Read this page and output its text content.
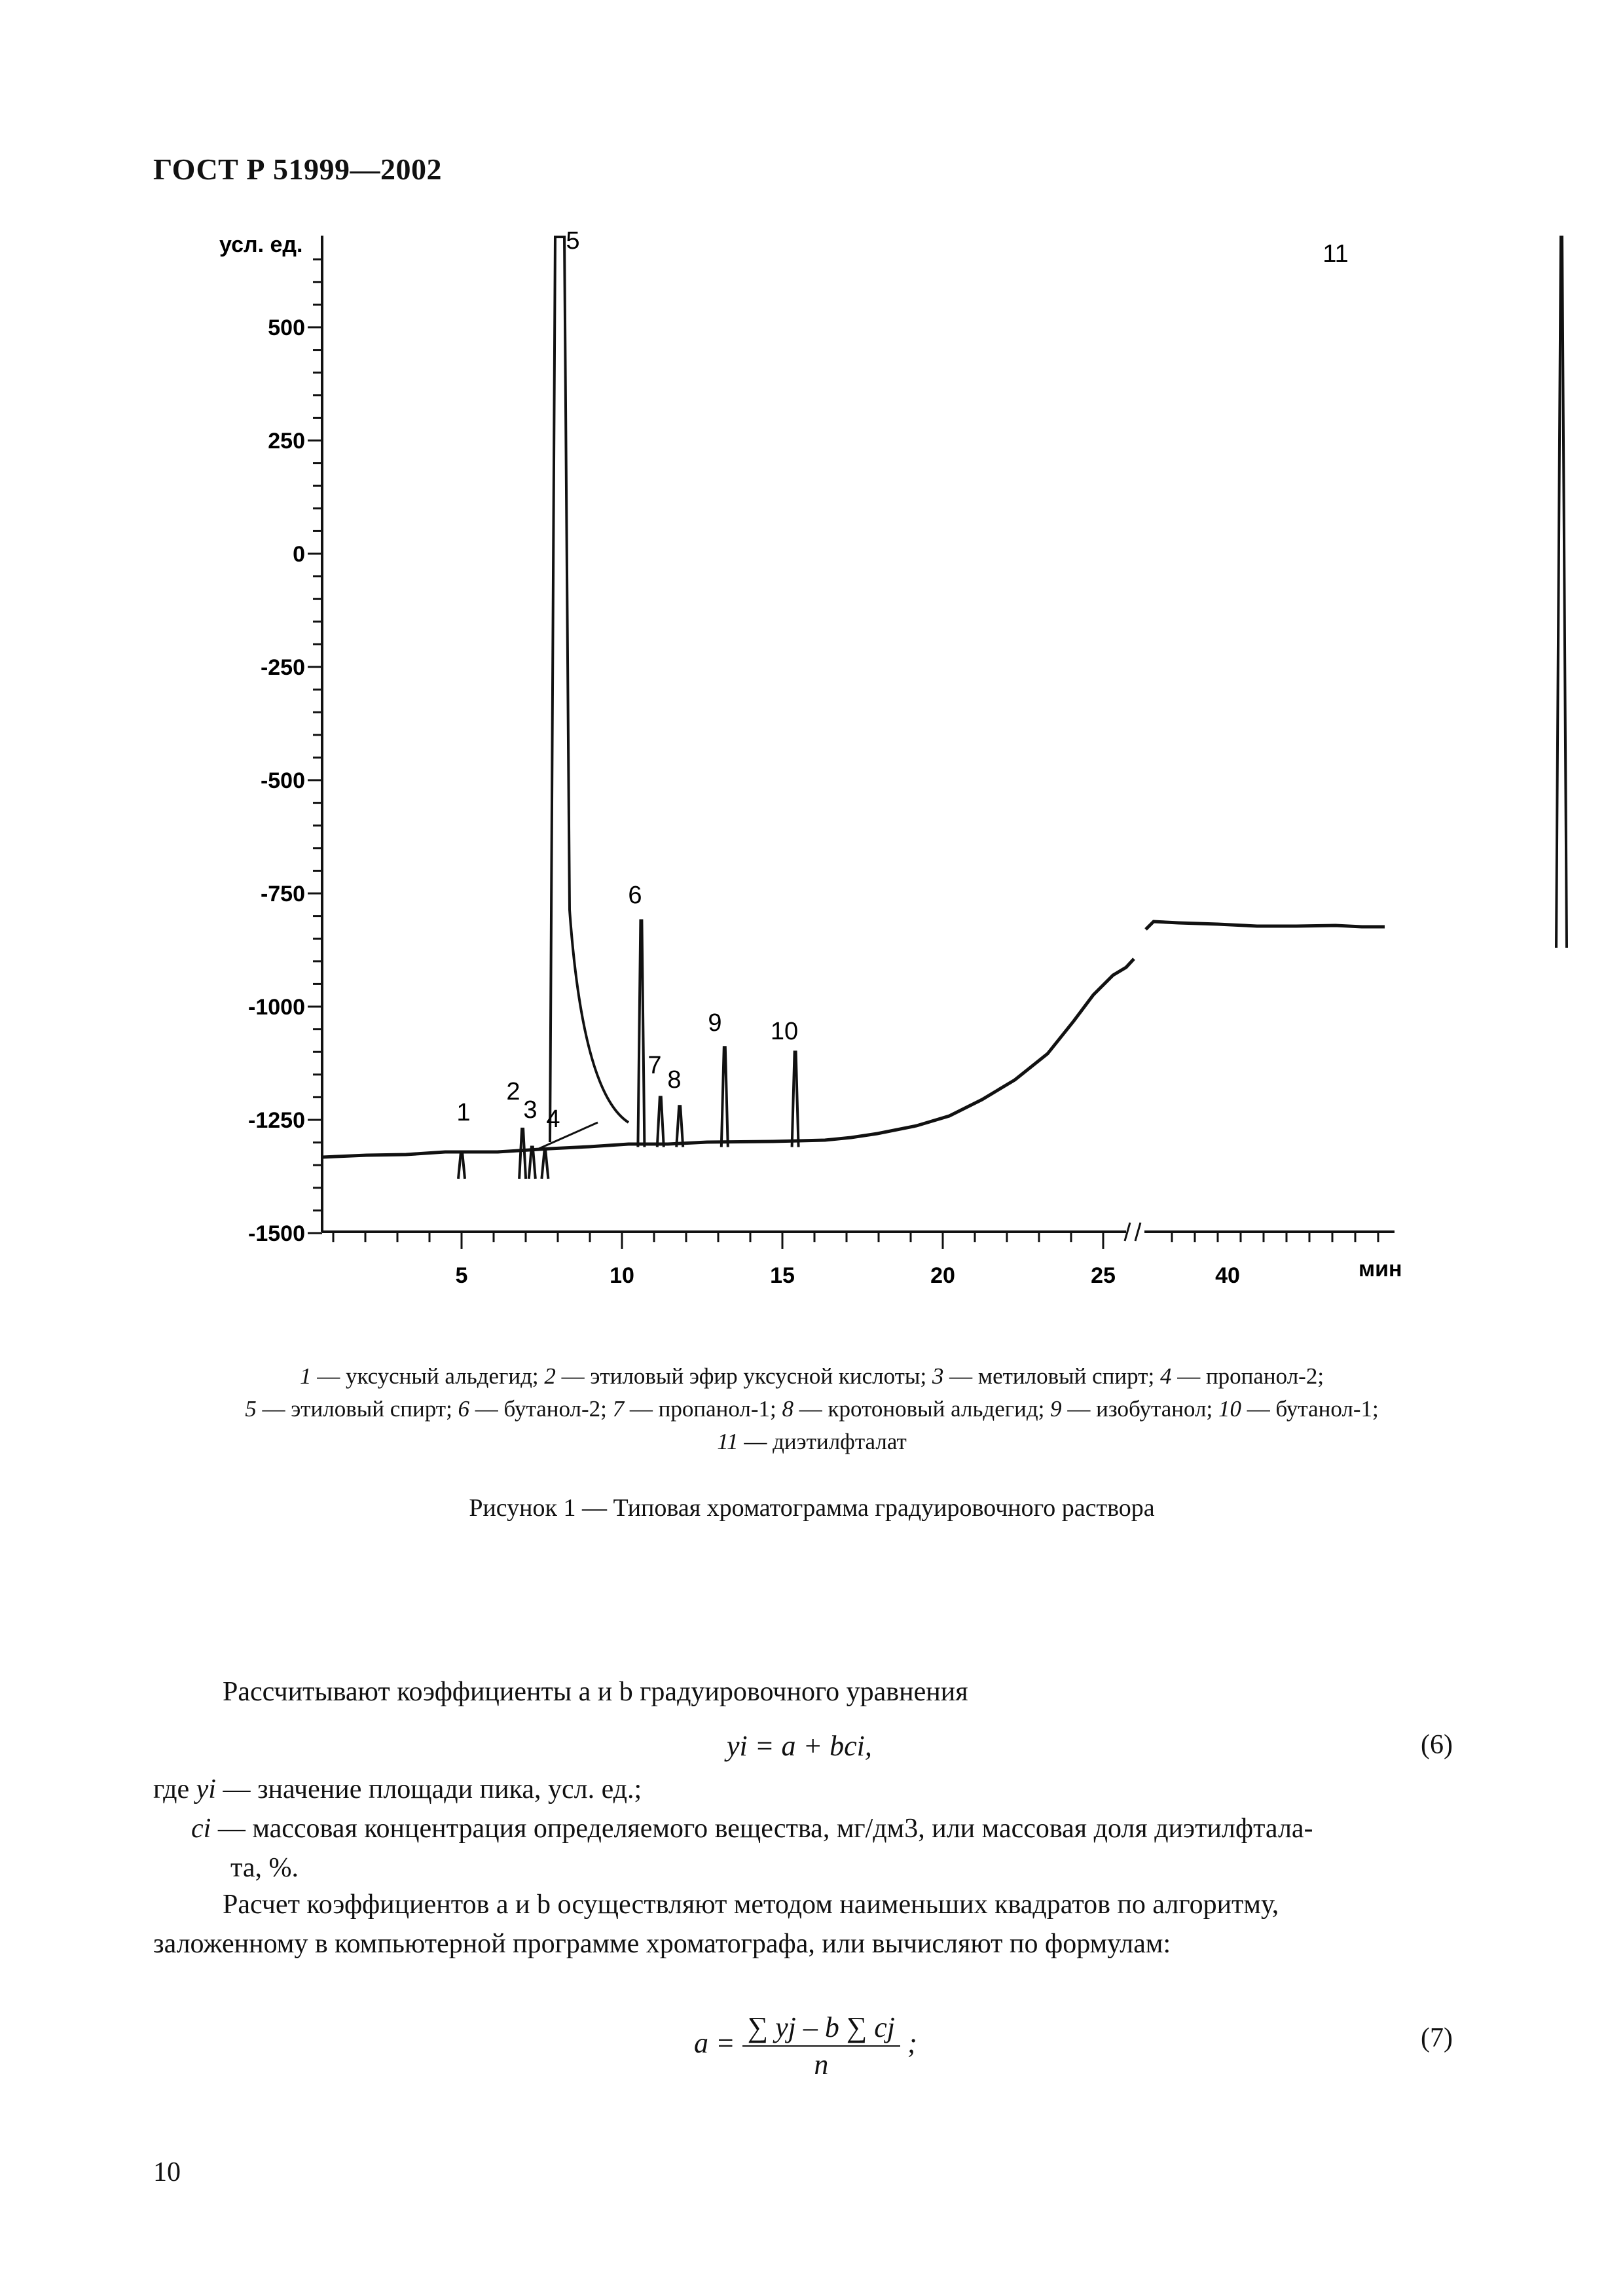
ГОСТ Р 51999—2002
усл. ед.
мин
500
250
0
-250
-500
-750
-1000
-1250
-1500
5	10	15	20	25	40
1
2
3 4
5
6
7
8
9 10
11
1 — уксусный альдегид; 2 — этиловый эфир уксусной кислоты; 3 — метиловый спирт; 4 — пропанол-2;
5 — этиловый спирт; 6 — бутанол-2; 7 — пропанол-1; 8 — кротоновый альдегид; 9 — изобутанол; 10 — бутанол-1;
11 — диэтилфталат
Рисунок 1 — Типовая хроматограмма градуировочного раствора
Рассчитывают коэффициенты a и b градуировочного уравнения
yi = a + bci,	(6)
где yi — значение площади пика, усл. ед.;
ci — массовая концентрация определяемого вещества, мг/дм3, или массовая доля диэтилфтала-
та, %.
Расчет коэффициентов a и b осуществляют методом наименьших квадратов по алгоритму,
заложенному в компьютерной программе хроматографа, или вычисляют по формулам:
$a = \frac{\sum yj - b \sum cj}{n}$ ;	(7)
10
